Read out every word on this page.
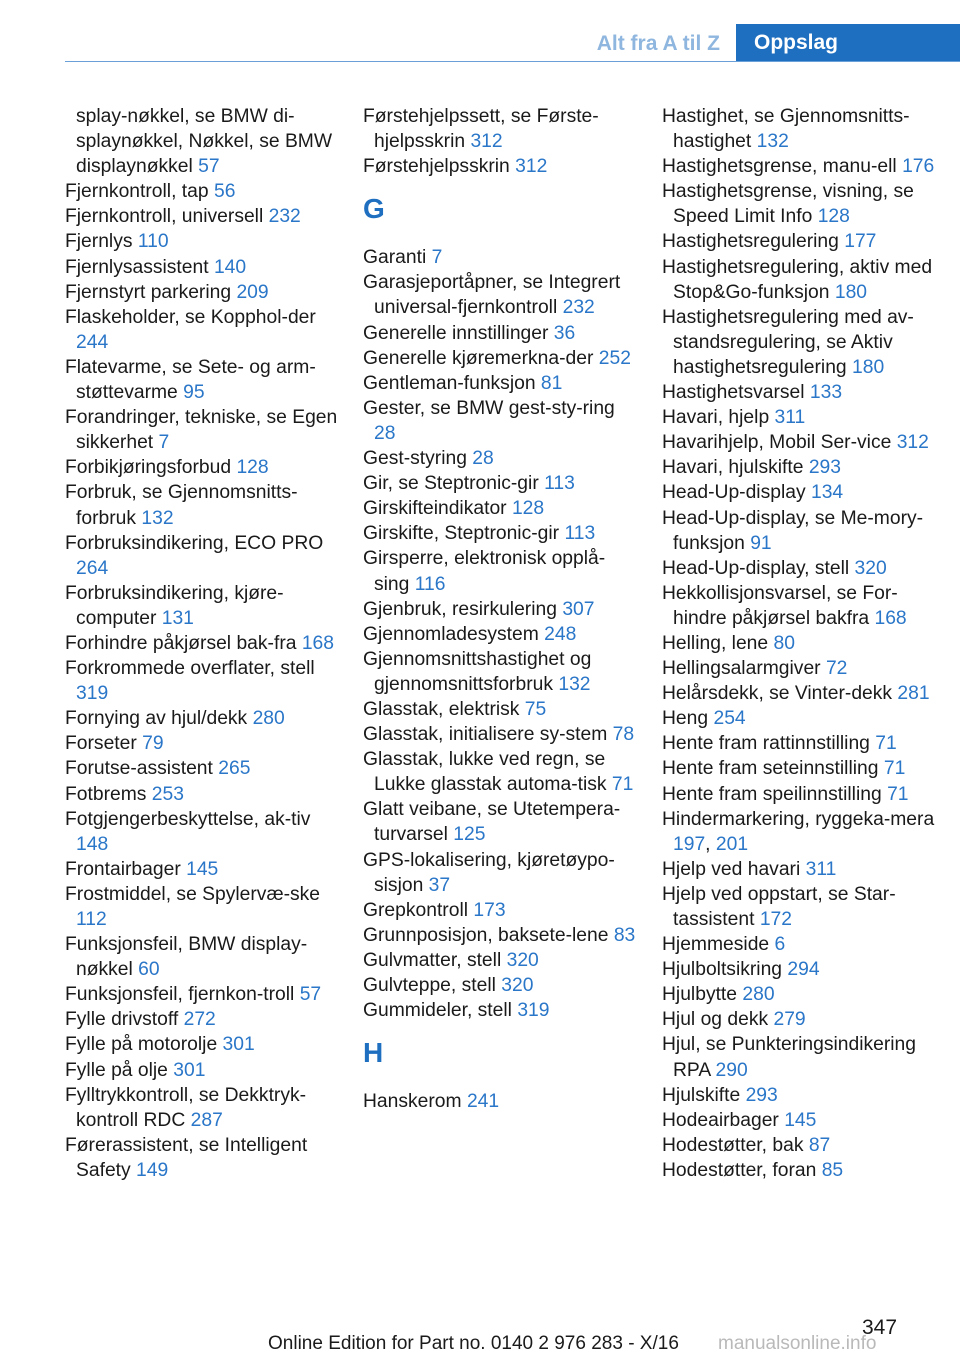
Alt fra A til Z	Oppslag
splay-nøkkel, se BMW di-splaynøkkel, Nøkkel, se BMW displaynøkkel 57
Fjernkontroll, tap 56
Fjernkontroll, universell 232
Fjernlys 110
Fjernlysassistent 140
Fjernstyrt parkering 209
Flaskeholder, se Kopphol-der 244
Flatevarme, se Sete- og arm-støttevarme 95
Forandringer, tekniske, se Egen sikkerhet 7
Forbikjøringsforbud 128
Forbruk, se Gjennomsnitts-forbruk 132
Forbruksindikering, ECO PRO 264
Forbruksindikering, kjøre-computer 131
Forhindre påkjørsel bak-fra 168
Forkrommede overflater, stell 319
Fornying av hjul/dekk 280
Forseter 79
Forutse-assistent 265
Fotbrems 253
Fotgjengerbeskyttelse, ak-tiv 148
Frontairbager 145
Frostmiddel, se Spylervæ-ske 112
Funksjonsfeil, BMW display-nøkkel 60
Funksjonsfeil, fjernkon-troll 57
Fylle drivstoff 272
Fylle på motorolje 301
Fylle på olje 301
Fylltrykkontroll, se Dekktryk-kontroll RDC 287
Førerassistent, se Intelligent Safety 149
Førstehjelpssett, se Første-hjelpsskrin 312
Førstehjelpsskrin 312
G
Garanti 7
Garasjeportåpner, se Integrert universal-fjernkontroll 232
Generelle innstillinger 36
Generelle kjøremerkna-der 252
Gentleman-funksjon 81
Gester, se BMW gest-sty-ring 28
Gest-styring 28
Gir, se Steptronic-gir 113
Girskifteindikator 128
Girskifte, Steptronic-gir 113
Girsperre, elektronisk opplå-sing 116
Gjenbruk, resirkulering 307
Gjennomladesystem 248
Gjennomsnittshastighet og gjennomsnittsforbruk 132
Glasstak, elektrisk 75
Glasstak, initialisere sy-stem 78
Glasstak, lukke ved regn, se Lukke glasstak automa-tisk 71
Glatt veibane, se Utetempera-turvarsel 125
GPS-lokalisering, kjøretøypo-sisjon 37
Grepkontroll 173
Grunnposisjon, baksete-lene 83
Gulvmatter, stell 320
Gulvteppe, stell 320
Gummideler, stell 319
H
Hanskerom 241
Hastighet, se Gjennomsnitts-hastighet 132
Hastighetsgrense, manu-ell 176
Hastighetsgrense, visning, se Speed Limit Info 128
Hastighetsregulering 177
Hastighetsregulering, aktiv med Stop&Go-funksjon 180
Hastighetsregulering med av-standsregulering, se Aktiv hastighetsregulering 180
Hastighetsvarsel 133
Havari, hjelp 311
Havarihjelp, Mobil Ser-vice 312
Havari, hjulskifte 293
Head-Up-display 134
Head-Up-display, se Me-mory-funksjon 91
Head-Up-display, stell 320
Hekkollisjonsvarsel, se For-hindre påkjørsel bakfra 168
Helling, lene 80
Hellingsalarmgiver 72
Helårsdekk, se Vinter-dekk 281
Heng 254
Hente fram rattinnstilling 71
Hente fram seteinnstilling 71
Hente fram speilinnstilling 71
Hindermarkering, ryggeka-mera 197, 201
Hjelp ved havari 311
Hjelp ved oppstart, se Star-tassistent 172
Hjemmeside 6
Hjulboltsikring 294
Hjulbytte 280
Hjul og dekk 279
Hjul, se Punkteringsindikering RPA 290
Hjulskifte 293
Hodeairbager 145
Hodestøtter, bak 87
Hodestøtter, foran 85
347
Online Edition for Part no. 0140 2 976 283 - X/16 manualsonline.info
